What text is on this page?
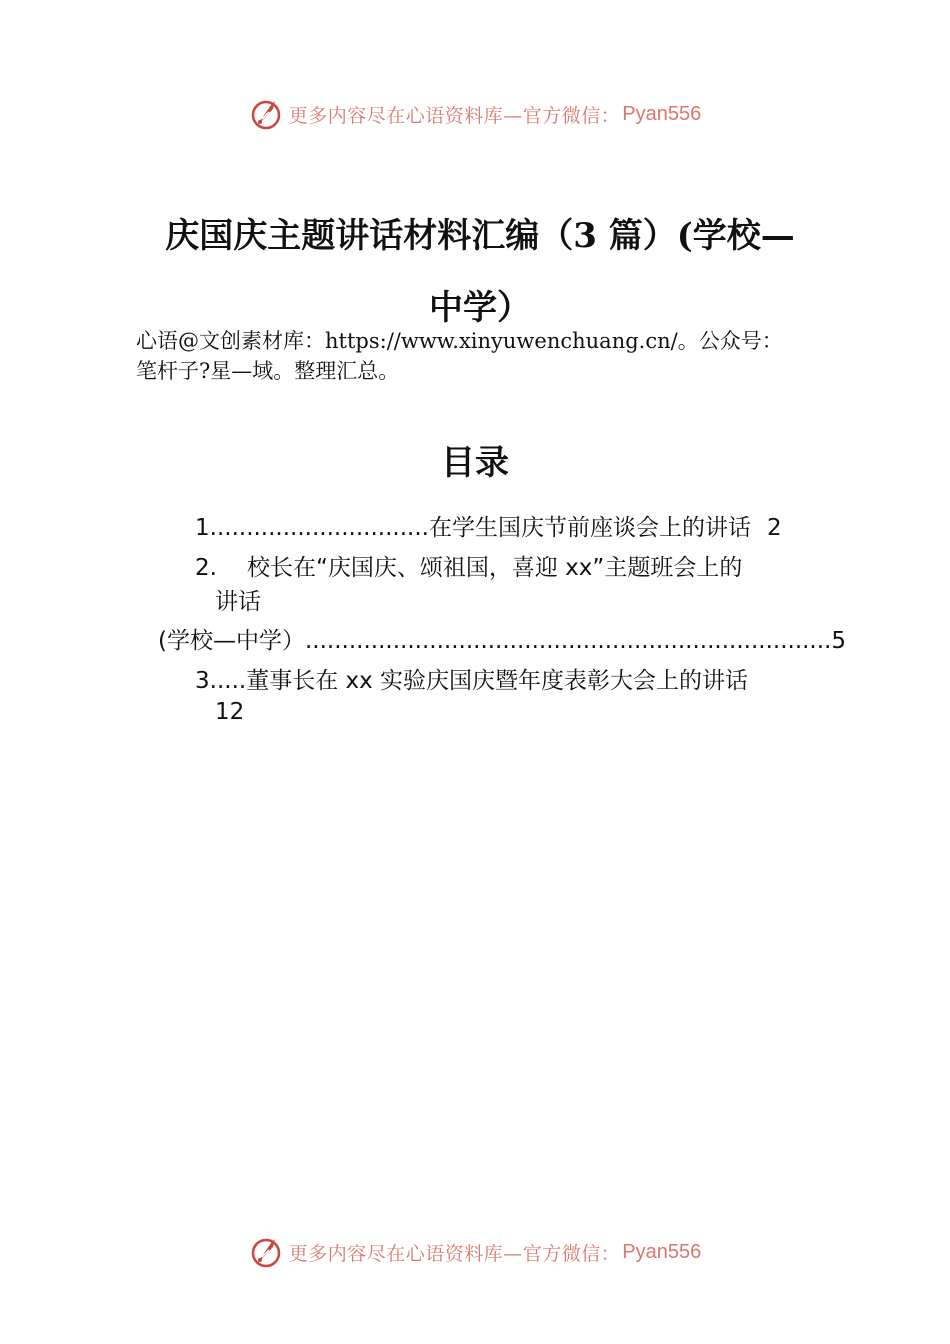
更多内容尽在心语资料库—官方微信： Pyan556
庆国庆主题讲话材料汇编（3 篇）(学校—
中学）
心语@文创素材库：https://www.xinyuwenchuang.cn/。公众号：
笔杆子?星—域。整理汇总。
目录
1..............................在学生国庆节前座谈会上的讲话 2
2. 校长在“庆国庆、颂祖国，喜迎 xx”主题班会上的
讲话
(学校—中学）........................................................................5
3.....董事长在 xx 实验庆国庆暨年度表彰大会上的讲话
12
更多内容尽在心语资料库—官方微信： Pyan556
